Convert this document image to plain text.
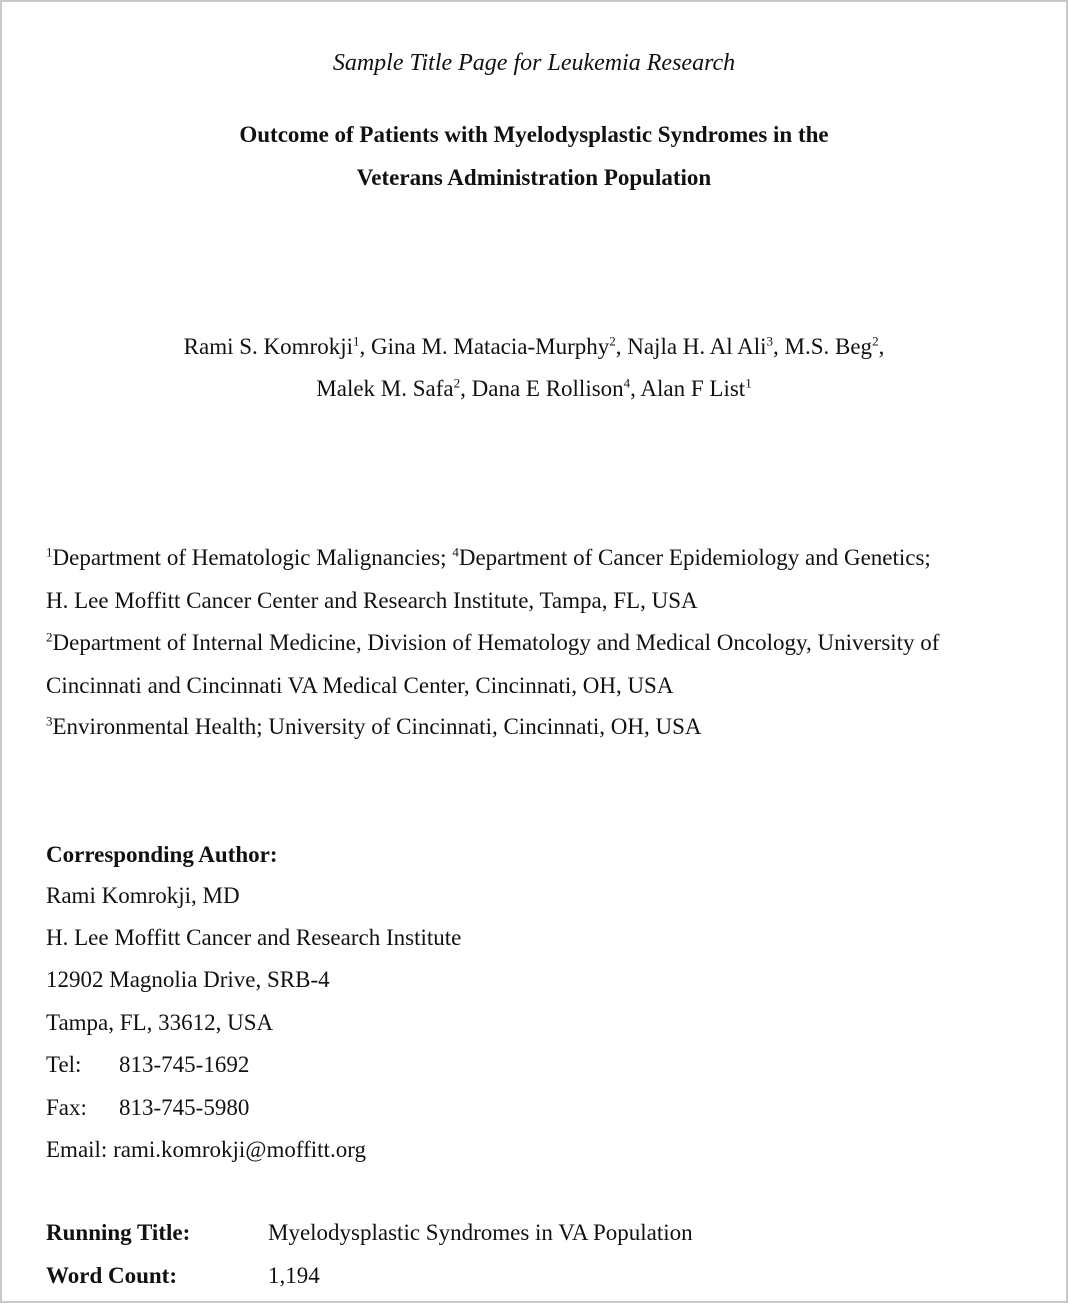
Sample Title Page for Leukemia Research
Outcome of Patients with Myelodysplastic Syndromes in the
Veterans Administration Population
Rami S. Komrokji$^1$, Gina M. Matacia-Murphy$^2$, Najla H. Al Ali$^3$, M.S. Beg$^2$,
Malek M. Safa$^2$, Dana E Rollison$^4$, Alan F List$^1$
$^1$Department of Hematologic Malignancies; $^4$Department of Cancer Epidemiology and Genetics;
H. Lee Moffitt Cancer Center and Research Institute, Tampa, FL, USA
$^2$Department of Internal Medicine, Division of Hematology and Medical Oncology, University of
Cincinnati and Cincinnati VA Medical Center, Cincinnati, OH, USA
$^3$Environmental Health; University of Cincinnati, Cincinnati, OH, USA
Corresponding Author:
Rami Komrokji, MD
H. Lee Moffitt Cancer and Research Institute
12902 Magnolia Drive, SRB-4
Tampa, FL, 33612, USA
Tel: 813-745-1692
Fax: 813-745-5980
Email: rami.komrokji@moffitt.org
Running Title:	Myelodysplastic Syndromes in VA Population
Word Count:	1,194
